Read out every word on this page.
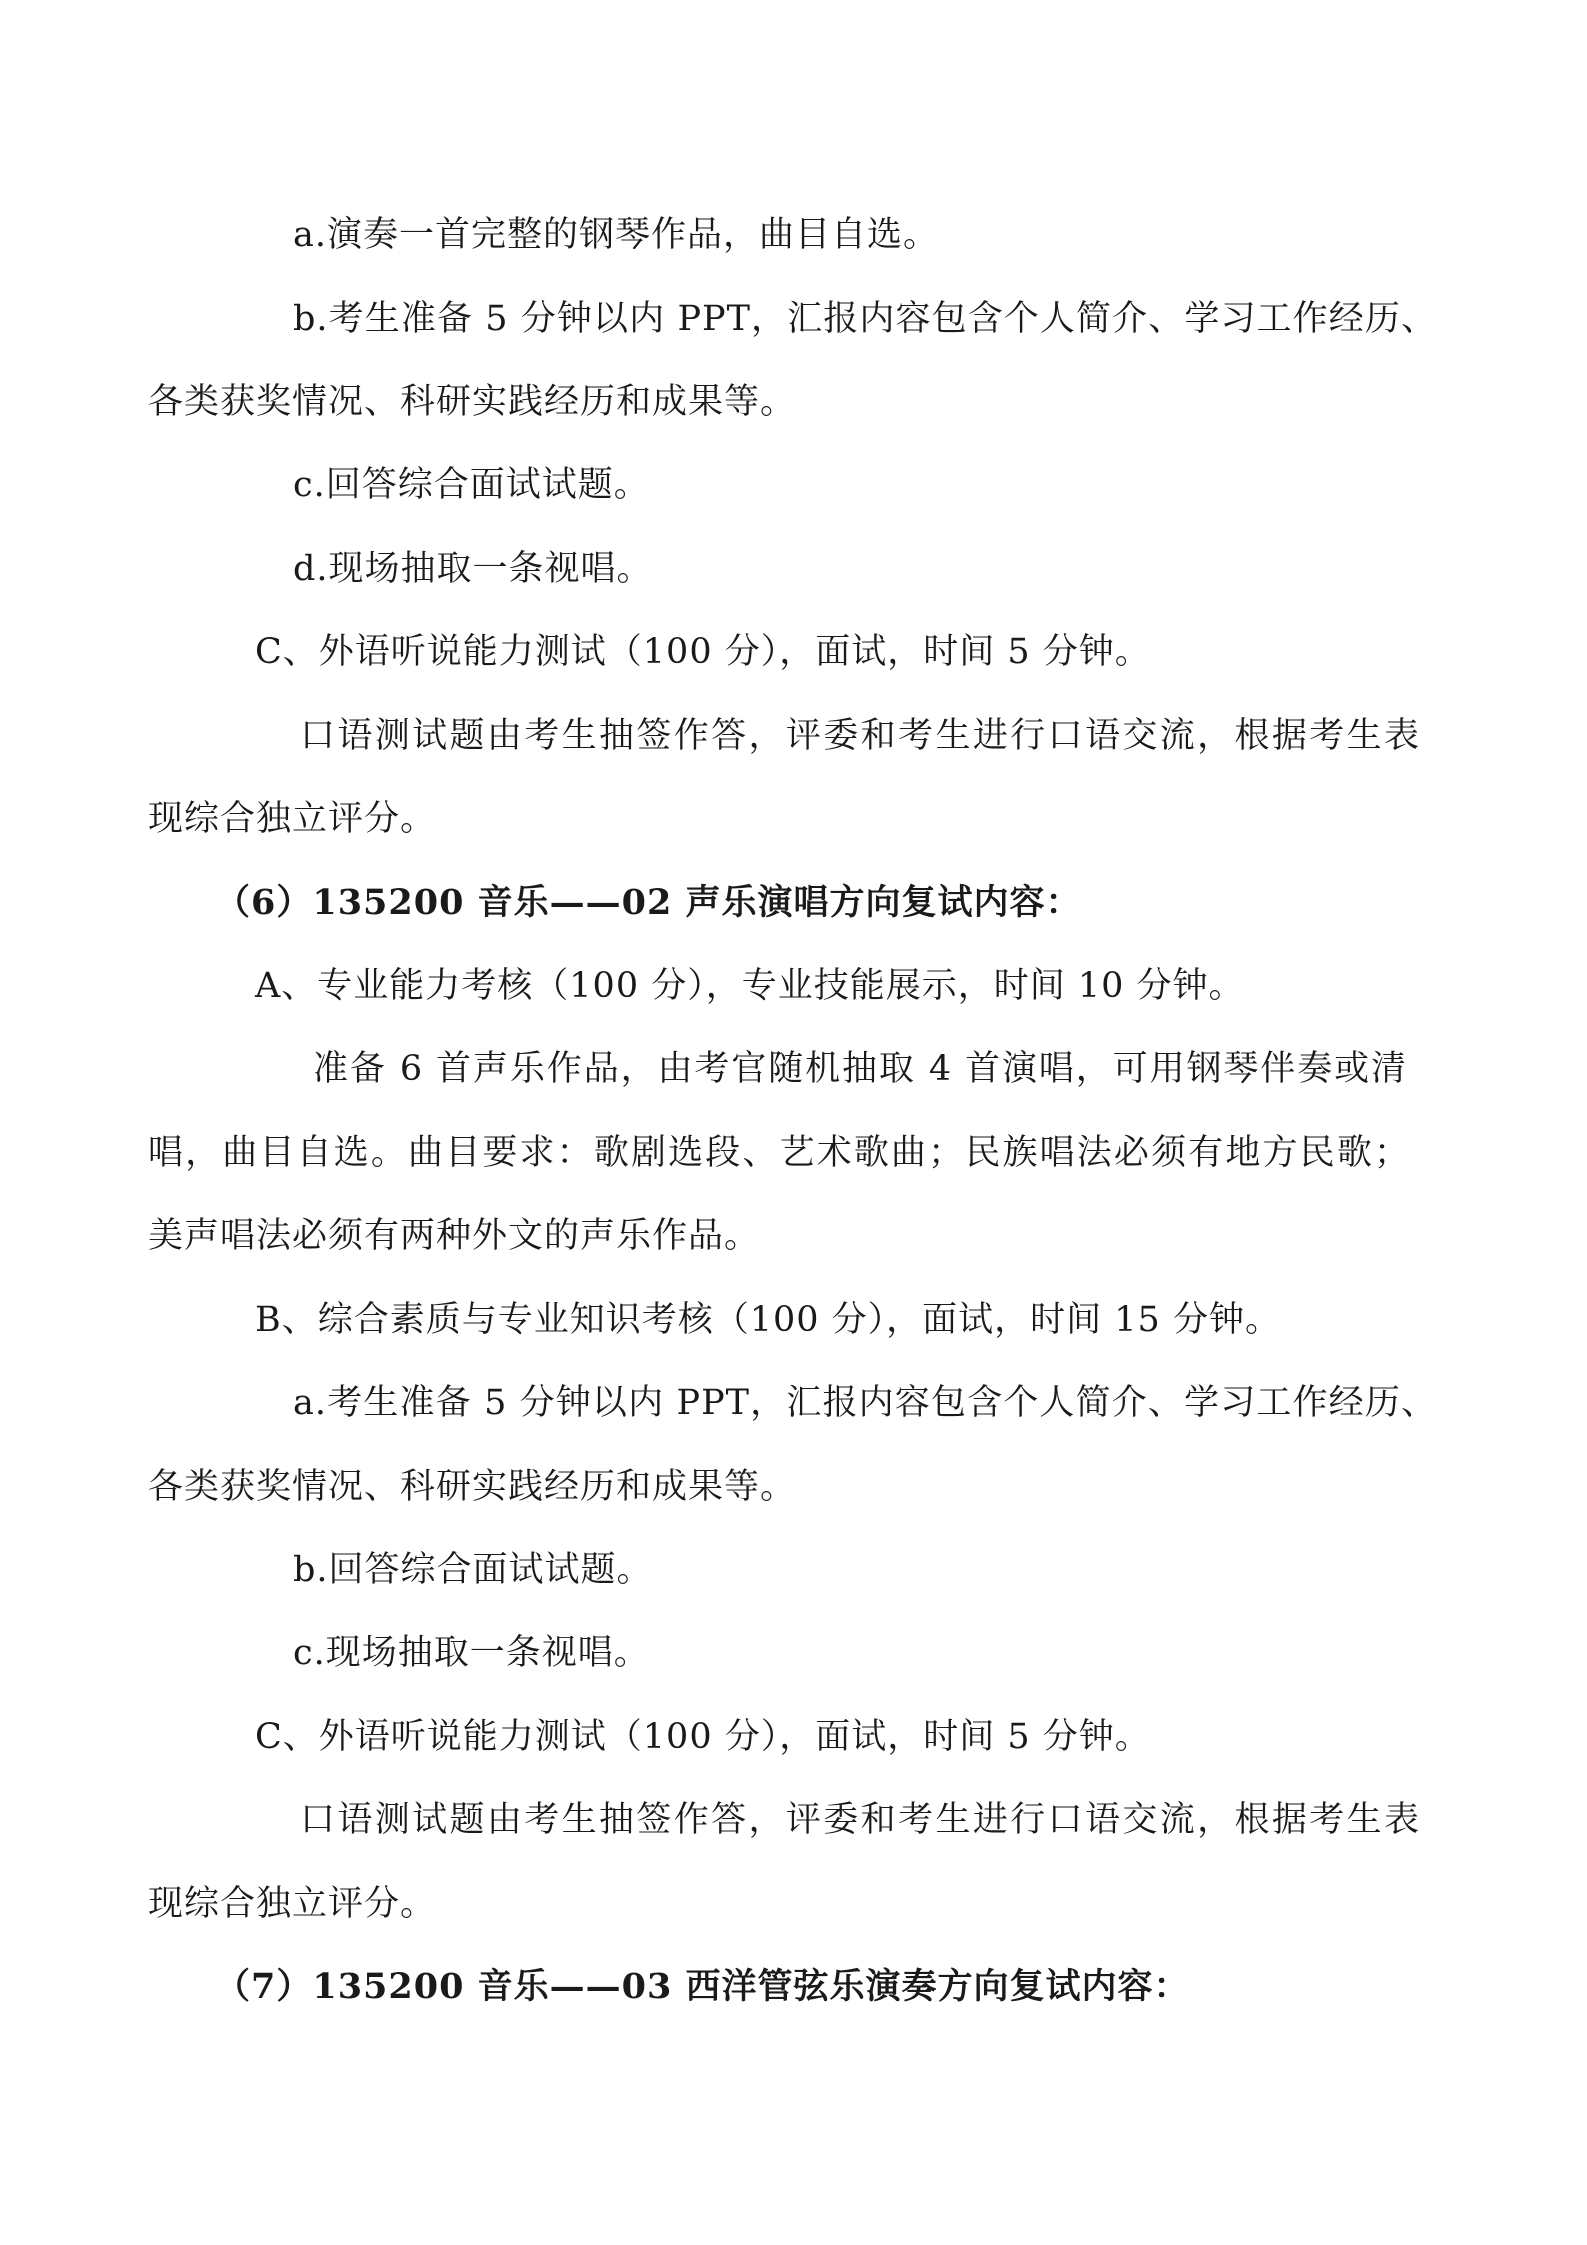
a.演奏一首完整的钢琴作品，曲目自选。
b.考生准备 5 分钟以内 PPT，汇报内容包含个人简介、学习工作经历、
各类获奖情况、科研实践经历和成果等。
c.回答综合面试试题。
d.现场抽取一条视唱。
C、外语听说能力测试（100 分），面试，时间 5 分钟。
口语测试题由考生抽签作答，评委和考生进行口语交流，根据考生表
现综合独立评分。
（6）135200 音乐——02 声乐演唱方向复试内容：
A、专业能力考核（100 分），专业技能展示，时间 10 分钟。
准备 6 首声乐作品，由考官随机抽取 4 首演唱，可用钢琴伴奏或清
唱，曲目自选。曲目要求：歌剧选段、艺术歌曲；民族唱法必须有地方民歌；
美声唱法必须有两种外文的声乐作品。
B、综合素质与专业知识考核（100 分），面试，时间 15 分钟。
a.考生准备 5 分钟以内 PPT，汇报内容包含个人简介、学习工作经历、
各类获奖情况、科研实践经历和成果等。
b.回答综合面试试题。
c.现场抽取一条视唱。
C、外语听说能力测试（100 分），面试，时间 5 分钟。
口语测试题由考生抽签作答，评委和考生进行口语交流，根据考生表
现综合独立评分。
（7）135200 音乐——03 西洋管弦乐演奏方向复试内容：
